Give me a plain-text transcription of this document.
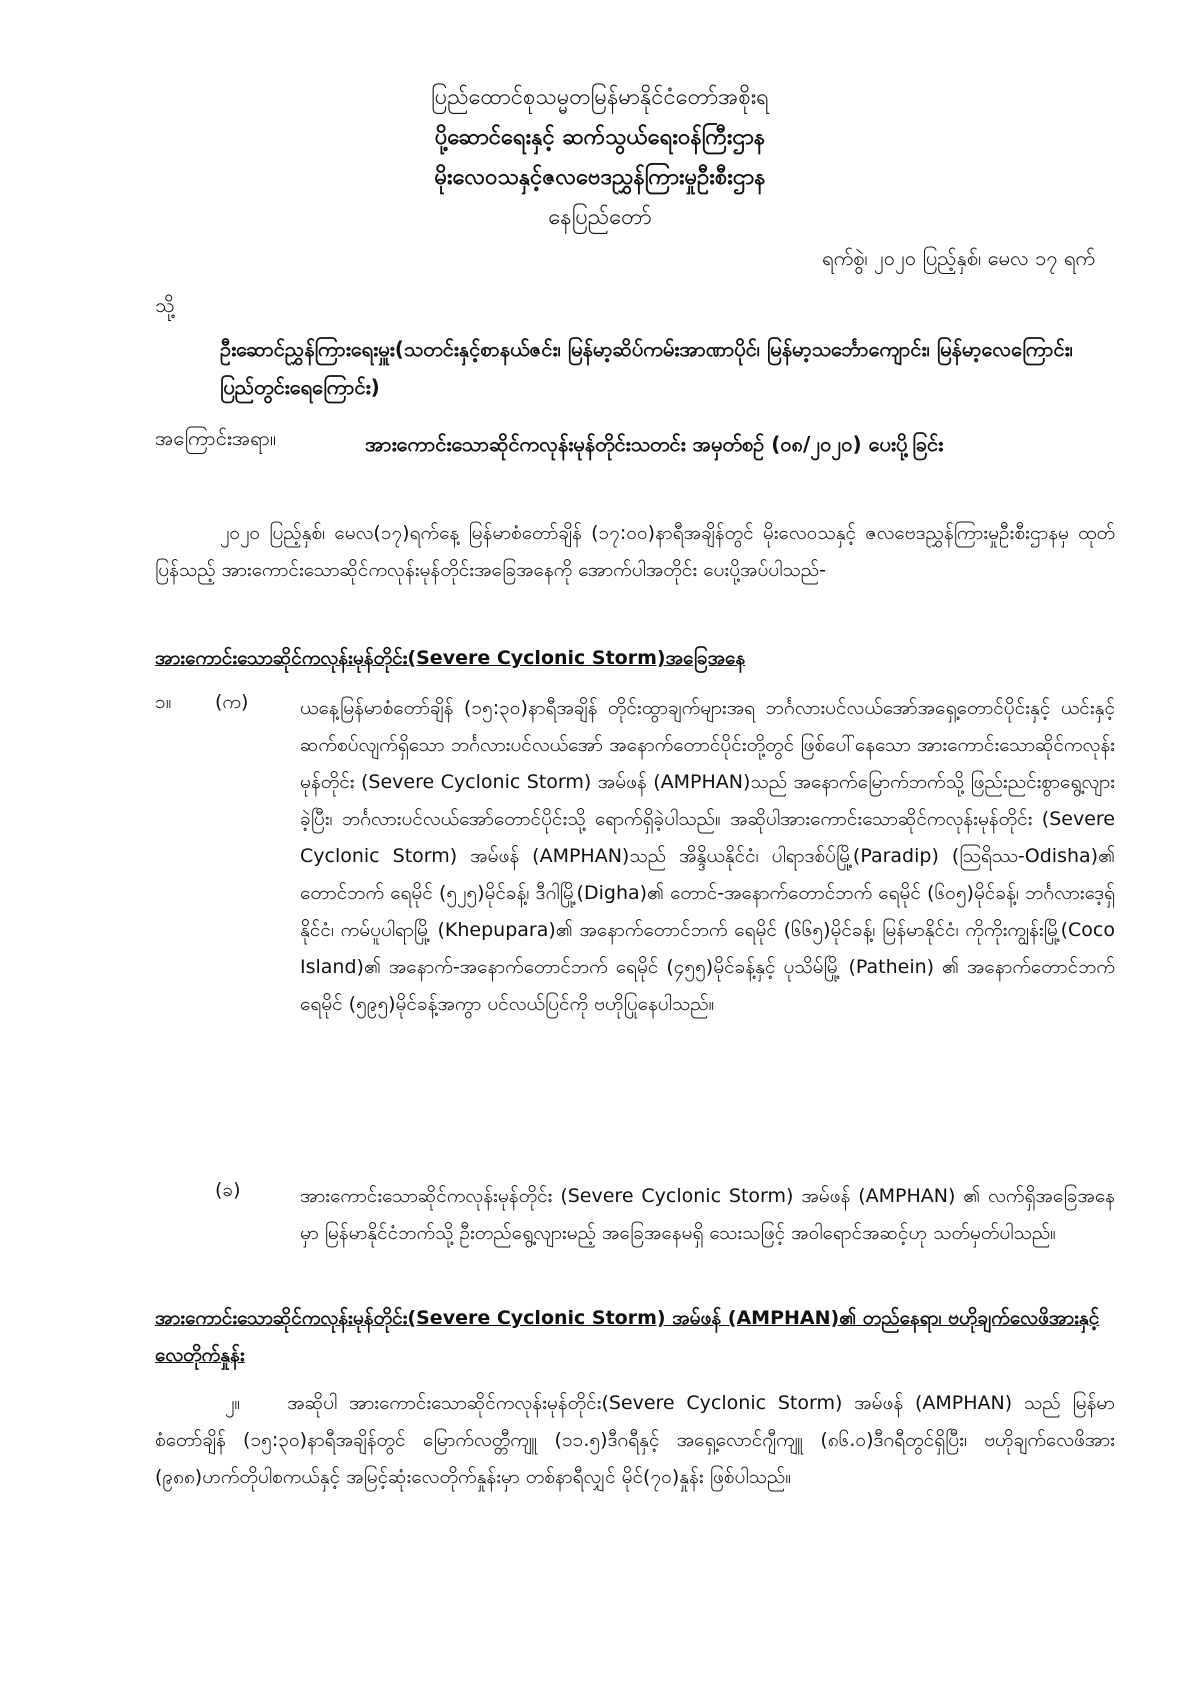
ပြည်ထောင်စုသမ္မတမြန်မာနိုင်ငံတော်အစိုးရ
ပို့ဆောင်ရေးနှင့် ဆက်သွယ်ရေးဝန်ကြီးဌာန
မိုးလေဝသနှင့်ဇလဗေဒညွှန်ကြားမှုဦးစီးဌာန
နေပြည်တော်
ရက်စွဲ၊ ၂၀၂၀ ပြည့်နှစ်၊ မေလ ၁၇ ရက်
သို့
ဦးဆောင်ညွှန်ကြားရေးမှူး(သတင်းနှင့်စာနယ်ဇင်း၊ မြန်မာ့ဆိပ်ကမ်းအာဏာပိုင်၊ မြန်မာ့သင်္ဘောကျောင်း၊ မြန်မာ့လေကြောင်း၊ ပြည်တွင်းရေကြောင်း)
အကြောင်းအရာ။	အားကောင်းသောဆိုင်ကလုန်းမုန်တိုင်းသတင်း အမှတ်စဉ် (၀၈/၂၀၂၀) ပေးပို့ခြင်း
၂၀၂၀ ပြည့်နှစ်၊ မေလ(၁၇)ရက်နေ့ မြန်မာစံတော်ချိန် (၁၇:၀၀)နာရီအချိန်တွင် မိုးလေဝသနှင့် ဇလဗေဒညွှန်ကြားမှုဦးစီးဌာနမှ ထုတ်ပြန်သည့် အားကောင်းသောဆိုင်ကလုန်းမုန်တိုင်းအခြေအနေကို အောက်ပါအတိုင်း ပေးပို့အပ်ပါသည်-
အားကောင်းသောဆိုင်ကလုန်းမုန်တိုင်း(Severe Cyclonic Storm)အခြေအနေ
၁။ (က)	ယနေ့မြန်မာစံတော်ချိန် (၁၅:၃၀)နာရီအချိန် တိုင်းထွာချက်များအရ ဘင်္ဂလားပင်လယ်အော်အရှေ့တောင်ပိုင်းနှင့် ယင်းနှင့်ဆက်စပ်လျက်ရှိသော ဘင်္ဂလားပင်လယ်အော် အနောက်တောင်ပိုင်းတို့တွင် ဖြစ်ပေါ်နေသော အားကောင်းသောဆိုင်ကလုန်းမုန်တိုင်း (Severe Cyclonic Storm) အမ်ဖန် (AMPHAN)သည် အနောက်မြောက်ဘက်သို့ ဖြည်းညင်းစွာရွေ့လျားခဲ့ပြီး၊ ဘင်္ဂလားပင်လယ်အော်တောင်ပိုင်းသို့ ရောက်ရှိခဲ့ပါသည်။ အဆိုပါအားကောင်းသောဆိုင်ကလုန်းမုန်တိုင်း (Severe Cyclonic Storm) အမ်ဖန် (AMPHAN)သည် အိန္ဒိယနိုင်ငံ၊ ပါရာဒစ်ပ်မြို့(Paradip) (ဩရိဿ-Odisha)၏ တောင်ဘက် ရေမိုင် (၅၂၅)မိုင်ခန့်၊ ဒီဂါမြို့(Digha)၏ တောင်-အနောက်တောင်ဘက် ရေမိုင် (၆၀၅)မိုင်ခန့်၊ ဘင်္ဂလားဒေ့ရှ်နိုင်ငံ၊ ကမ်ပူပါရာမြို့ (Khepupara)၏ အနောက်တောင်ဘက် ရေမိုင် (၆၆၅)မိုင်ခန့်၊ မြန်မာနိုင်ငံ၊ ကိုကိုးကျွန်းမြို့(Coco Island)၏ အနောက်-အနောက်တောင်ဘက် ရေမိုင် (၄၅၅)မိုင်ခန့်နှင့် ပုသိမ်မြို့ (Pathein) ၏ အနောက်တောင်ဘက် ရေမိုင် (၅၉၅)မိုင်ခန့်အကွာ ပင်လယ်ပြင်ကို ဗဟိုပြုနေပါသည်။
(ခ)	အားကောင်းသောဆိုင်ကလုန်းမုန်တိုင်း (Severe Cyclonic Storm) အမ်ဖန် (AMPHAN) ၏ လက်ရှိအခြေအနေမှာ မြန်မာနိုင်ငံဘက်သို့ ဦးတည်ရွေ့လျားမည့် အခြေအနေမရှိ သေးသဖြင့် အဝါရောင်အဆင့်ဟု သတ်မှတ်ပါသည်။
အားကောင်းသောဆိုင်ကလုန်းမုန်တိုင်း(Severe Cyclonic Storm) အမ်ဖန် (AMPHAN)၏ တည်နေရာ၊ ဗဟိုချက်လေဖိအားနှင့် လေတိုက်နှုန်း
၂။ အဆိုပါ အားကောင်းသောဆိုင်ကလုန်းမုန်တိုင်း(Severe Cyclonic Storm) အမ်ဖန် (AMPHAN) သည် မြန်မာစံတော်ချိန် (၁၅:၃၀)နာရီအချိန်တွင် မြောက်လတ္တီကျူ (၁၁.၅)ဒီဂရီနှင့် အရှေ့လောင်ဂျီကျူ (၈၆.၀)ဒီဂရီတွင်ရှိပြီး၊ ဗဟိုချက်လေဖိအား (၉၈၈)ဟက်တိုပါစကယ်နှင့် အမြင့်ဆုံးလေတိုက်နှုန်းမှာ တစ်နာရီလျှင် မိုင်(၇၀)နှုန်း ဖြစ်ပါသည်။
